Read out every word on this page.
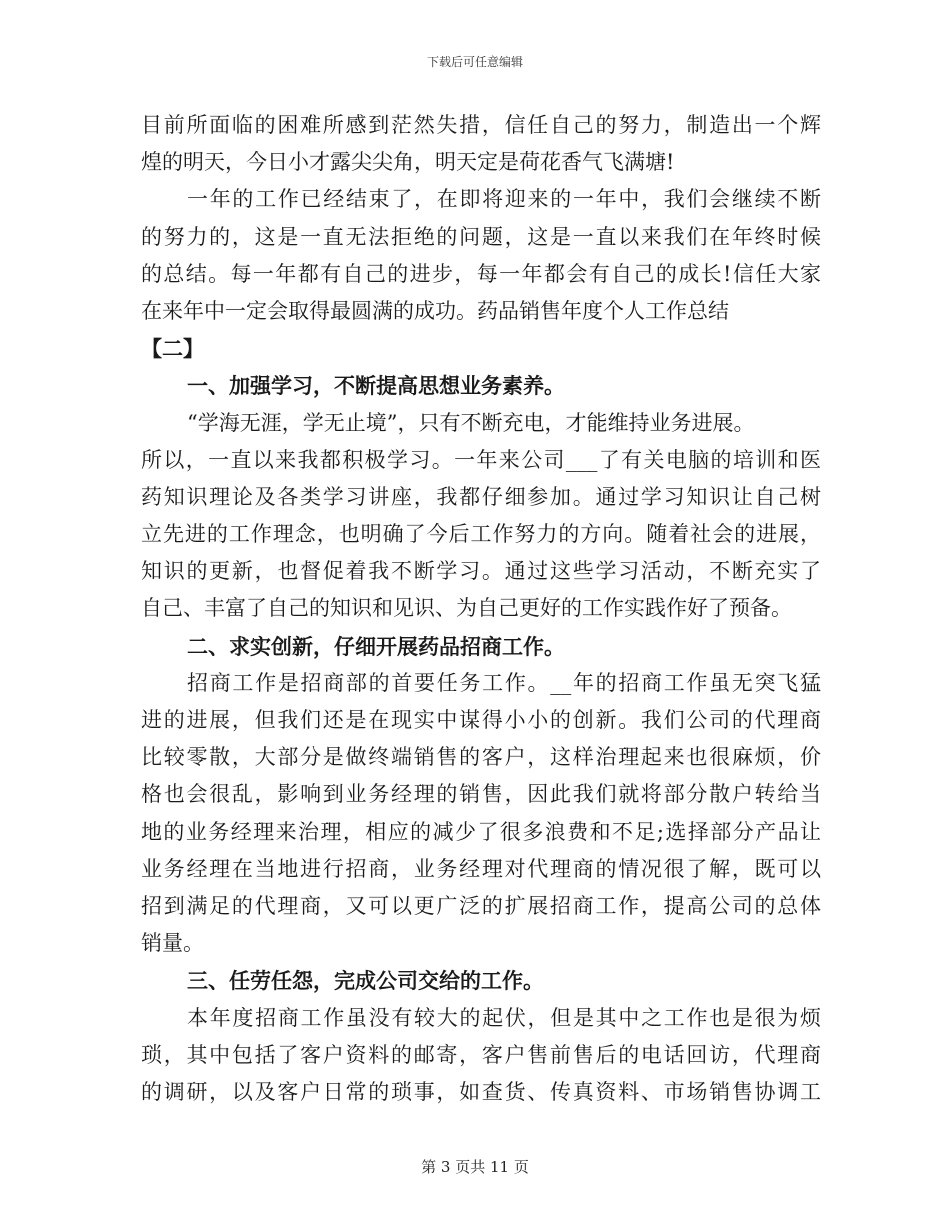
下载后可任意编辑
目前所面临的困难所感到茫然失措，信任自己的努力，制造出一个辉
煌的明天，今日小才露尖尖角，明天定是荷花香气飞满塘!
一年的工作已经结束了，在即将迎来的一年中，我们会继续不断
的努力的，这是一直无法拒绝的问题，这是一直以来我们在年终时候
的总结。每一年都有自己的进步，每一年都会有自己的成长!信任大家
在来年中一定会取得最圆满的成功。药品销售年度个人工作总结
【二】
一、加强学习，不断提高思想业务素养。
“学海无涯，学无止境”，只有不断充电，才能维持业务进展。
所以，一直以来我都积极学习。一年来公司___了有关电脑的培训和医
药知识理论及各类学习讲座，我都仔细参加。通过学习知识让自己树
立先进的工作理念，也明确了今后工作努力的方向。随着社会的进展，
知识的更新，也督促着我不断学习。通过这些学习活动，不断充实了
自己、丰富了自己的知识和见识、为自己更好的工作实践作好了预备。
二、求实创新，仔细开展药品招商工作。
招商工作是招商部的首要任务工作。__年的招商工作虽无突飞猛
进的进展，但我们还是在现实中谋得小小的创新。我们公司的代理商
比较零散，大部分是做终端销售的客户，这样治理起来也很麻烦，价
格也会很乱，影响到业务经理的销售，因此我们就将部分散户转给当
地的业务经理来治理，相应的减少了很多浪费和不足;选择部分产品让
业务经理在当地进行招商，业务经理对代理商的情况很了解，既可以
招到满足的代理商，又可以更广泛的扩展招商工作，提高公司的总体
销量。
三、任劳任怨，完成公司交给的工作。
本年度招商工作虽没有较大的起伏，但是其中之工作也是很为烦
琐，其中包括了客户资料的邮寄，客户售前售后的电话回访，代理商
的调研，以及客户日常的琐事，如查货、传真资料、市场销售协调工
第 3 页共 11 页
